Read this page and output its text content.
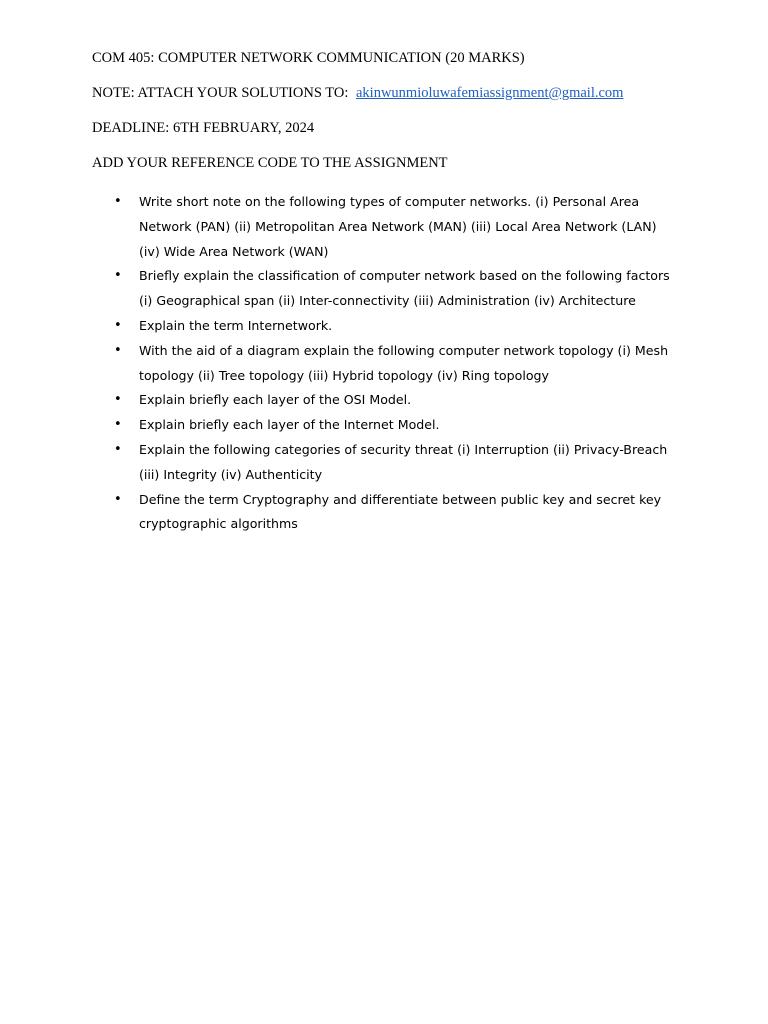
COM 405: COMPUTER NETWORK COMMUNICATION (20 MARKS)

NOTE: ATTACH YOUR SOLUTIONS TO: akinwunmioluwafemiassignment@gmail.com

DEADLINE: 6TH FEBRUARY, 2024

ADD YOUR REFERENCE CODE TO THE ASSIGNMENT

• Write short note on the following types of computer networks. (i) Personal Area Network (PAN) (ii) Metropolitan Area Network (MAN) (iii) Local Area Network (LAN) (iv) Wide Area Network (WAN)
• Briefly explain the classification of computer network based on the following factors (i) Geographical span (ii) Inter-connectivity (iii) Administration (iv) Architecture
• Explain the term Internetwork.
• With the aid of a diagram explain the following computer network topology (i) Mesh topology (ii) Tree topology (iii) Hybrid topology (iv) Ring topology
• Explain briefly each layer of the OSI Model.
• Explain briefly each layer of the Internet Model.
• Explain the following categories of security threat (i) Interruption (ii) Privacy-Breach (iii) Integrity (iv) Authenticity
• Define the term Cryptography and differentiate between public key and secret key cryptographic algorithms
